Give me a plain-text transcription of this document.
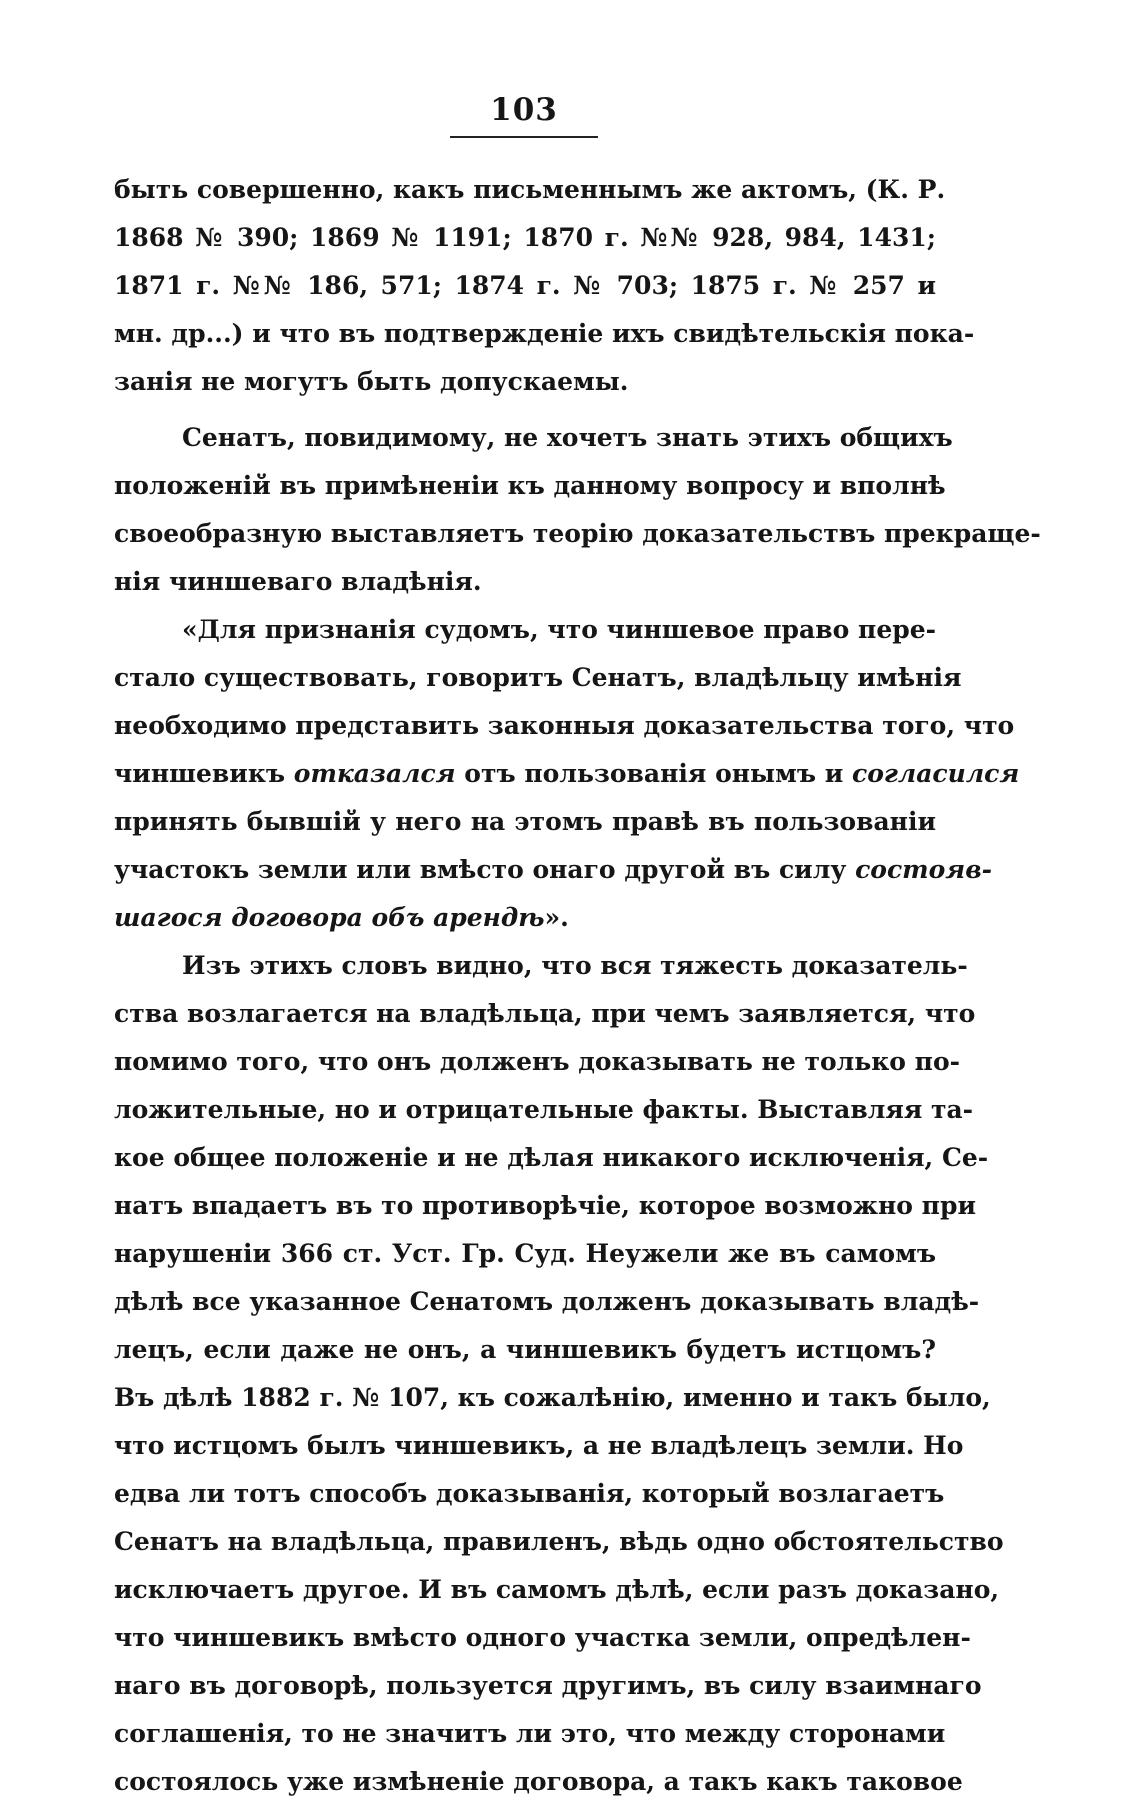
103
быть совершенно, какъ письменнымъ же актомъ, (К. Р.
1868 № 390; 1869 № 1191; 1870 г. №№ 928, 984, 1431;
1871 г. №№ 186, 571; 1874 г. № 703; 1875 г. № 257 и
мн. др...) и что въ подтвержденіе ихъ свидѣтельскія пока-
занія не могутъ быть допускаемы.
Сенатъ, повидимому, не хочетъ знать этихъ общихъ
положеній въ примѣненіи къ данному вопросу и вполнѣ
своеобразную выставляетъ теорію доказательствъ прекраще-
нія чиншеваго владѣнія.
«Для признанія судомъ, что чиншевое право пере-
стало существовать, говоритъ Сенатъ, владѣльцу имѣнія
необходимо представить законныя доказательства того, что
чиншевикъ отказался отъ пользованія онымъ и согласился
принять бывшій у него на этомъ правѣ въ пользованіи
участокъ земли или вмѣсто онаго другой въ силу состояв-
шагося договора объ арендѣ».
Изъ этихъ словъ видно, что вся тяжесть доказатель-
ства возлагается на владѣльца, при чемъ заявляется, что
помимо того, что онъ долженъ доказывать не только по-
ложительные, но и отрицательные факты. Выставляя та-
кое общее положеніе и не дѣлая никакого исключенія, Се-
натъ впадаетъ въ то противорѣчіе, которое возможно при
нарушеніи 366 ст. Уст. Гр. Суд. Неужели же въ самомъ
дѣлѣ все указанное Сенатомъ долженъ доказывать владѣ-
лецъ, если даже не онъ, а чиншевикъ будетъ истцомъ?
Въ дѣлѣ 1882 г. № 107, къ сожалѣнію, именно и такъ было,
что истцомъ былъ чиншевикъ, а не владѣлецъ земли. Но
едва ли тотъ способъ доказыванія, который возлагаетъ
Сенатъ на владѣльца, правиленъ, вѣдь одно обстоятельство
исключаетъ другое. И въ самомъ дѣлѣ, если разъ доказано,
что чиншевикъ вмѣсто одного участка земли, опредѣлен-
наго въ договорѣ, пользуется другимъ, въ силу взаимнаго
соглашенія, то не значитъ ли это, что между сторонами
состоялось уже измѣненіе договора, а такъ какъ таковое
